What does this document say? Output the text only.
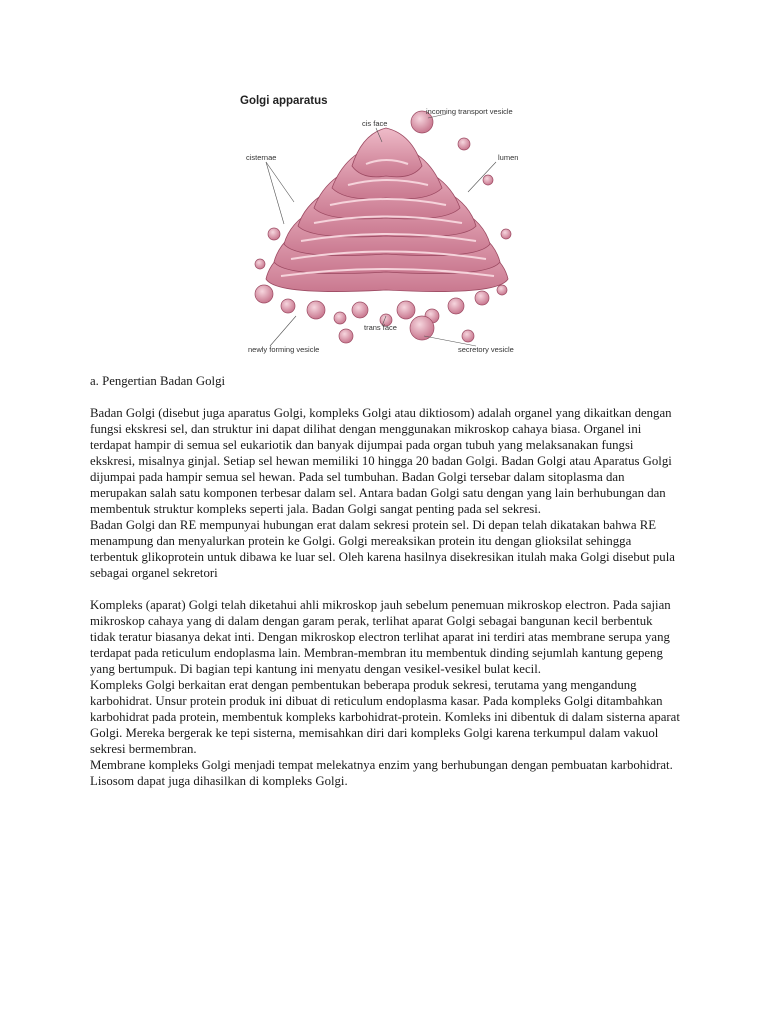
Golgi apparatus
cis face
incoming transport vesicle
cisternae	lumen
trans face
newly forming vesicle	secretory vesicle

a. Pengertian Badan Golgi

Badan Golgi (disebut juga aparatus Golgi, kompleks Golgi atau diktiosom) adalah organel yang dikaitkan dengan fungsi ekskresi sel, dan struktur ini dapat dilihat dengan menggunakan mikroskop cahaya biasa. Organel ini terdapat hampir di semua sel eukariotik dan banyak dijumpai pada organ tubuh yang melaksanakan fungsi ekskresi, misalnya ginjal. Setiap sel hewan memiliki 10 hingga 20 badan Golgi. Badan Golgi atau Aparatus Golgi dijumpai pada hampir semua sel hewan. Pada sel tumbuhan. Badan Golgi tersebar dalam sitoplasma dan merupakan salah satu komponen terbesar dalam sel. Antara badan Golgi satu dengan yang lain berhubungan dan membentuk struktur kompleks seperti jala. Badan Golgi sangat penting pada sel sekresi.

Badan Golgi dan RE mempunyai hubungan erat dalam sekresi protein sel. Di depan telah dikatakan bahwa RE menampung dan menyalurkan protein ke Golgi. Golgi mereaksikan protein itu dengan glioksilat sehingga terbentuk glikoprotein untuk dibawa ke luar sel. Oleh karena hasilnya disekresikan itulah maka Golgi disebut pula sebagai organel sekretori

Kompleks (aparat) Golgi telah diketahui ahli mikroskop jauh sebelum penemuan mikroskop electron. Pada sajian mikroskop cahaya yang di dalam dengan garam perak, terlihat aparat Golgi sebagai bangunan kecil berbentuk tidak teratur biasanya dekat inti. Dengan mikroskop electron terlihat aparat ini terdiri atas membrane serupa yang terdapat pada reticulum endoplasma lain. Membran-membran itu membentuk dinding sejumlah kantung gepeng yang bertumpuk. Di bagian tepi kantung ini menyatu dengan vesikel-vesikel bulat kecil.

Kompleks Golgi berkaitan erat dengan pembentukan beberapa produk sekresi, terutama yang mengandung karbohidrat. Unsur protein produk ini dibuat di reticulum endoplasma kasar. Pada kompleks Golgi ditambahkan karbohidrat pada protein, membentuk kompleks karbohidrat-protein. Komleks ini dibentuk di dalam sisterna aparat Golgi. Mereka bergerak ke tepi sisterna, memisahkan diri dari kompleks Golgi karena terkumpul dalam vakuol sekresi bermembran.

Membrane kompleks Golgi menjadi tempat melekatnya enzim yang berhubungan dengan pembuatan karbohidrat. Lisosom dapat juga dihasilkan di kompleks Golgi.
